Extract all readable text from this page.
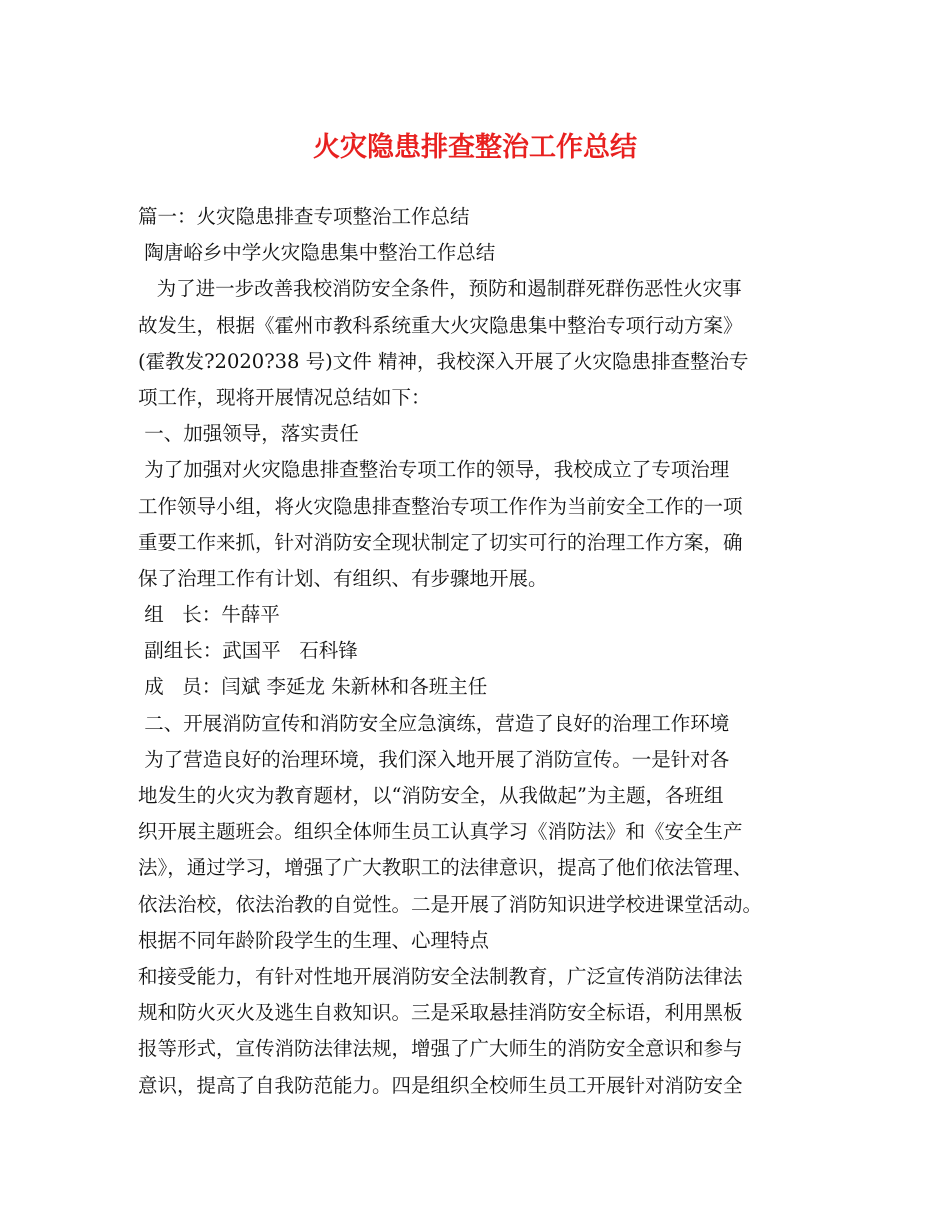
火灾隐患排查整治工作总结
篇一：火灾隐患排查专项整治工作总结
陶唐峪乡中学火灾隐患集中整治工作总结
为了进一步改善我校消防安全条件，预防和遏制群死群伤恶性火灾事
故发生，根据《霍州市教科系统重大火灾隐患集中整治专项行动方案》
(霍教发?2020?38 号)文件 精神，我校深入开展了火灾隐患排查整治专
项工作，现将开展情况总结如下：
一、加强领导，落实责任
为了加强对火灾隐患排查整治专项工作的领导，我校成立了专项治理
工作领导小组，将火灾隐患排查整治专项工作作为当前安全工作的一项
重要工作来抓，针对消防安全现状制定了切实可行的治理工作方案，确
保了治理工作有计划、有组织、有步骤地开展。
组   长：牛薛平
副组长：武国平   石科锋
成   员：闫斌 李延龙 朱新林和各班主任
二、开展消防宣传和消防安全应急演练，营造了良好的治理工作环境
为了营造良好的治理环境，我们深入地开展了消防宣传。一是针对各
地发生的火灾为教育题材，以“消防安全，从我做起”为主题，各班组
织开展主题班会。组织全体师生员工认真学习《消防法》和《安全生产
法》，通过学习，增强了广大教职工的法律意识，提高了他们依法管理、
依法治校，依法治教的自觉性。二是开展了消防知识进学校进课堂活动。
根据不同年龄阶段学生的生理、心理特点
和接受能力，有针对性地开展消防安全法制教育，广泛宣传消防法律法
规和防火灭火及逃生自救知识。三是采取悬挂消防安全标语，利用黑板
报等形式，宣传消防法律法规，增强了广大师生的消防安全意识和参与
意识，提高了自我防范能力。四是组织全校师生员工开展针对消防安全
